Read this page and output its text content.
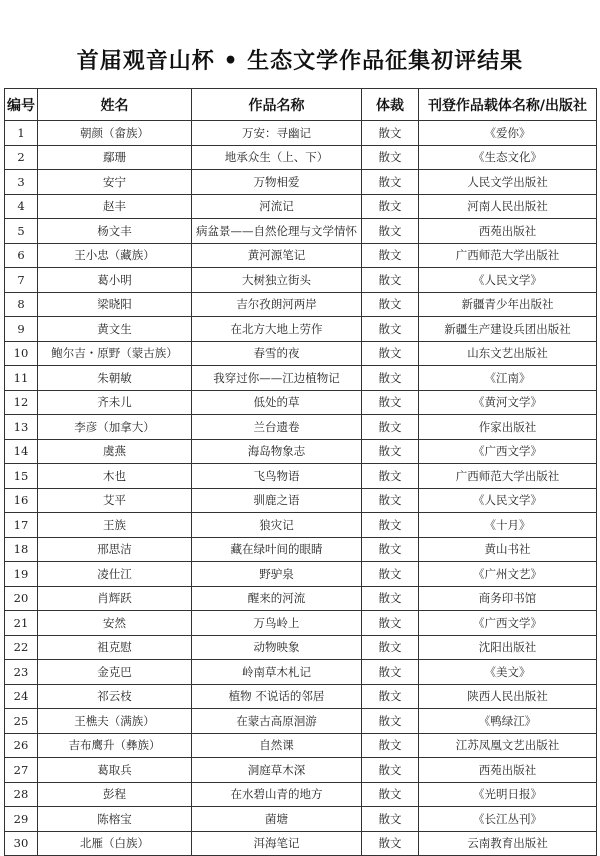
首届观音山杯 • 生态文学作品征集初评结果
编号	姓名	作品名称	体裁	刊登作品载体名称/出版社
1	朝颜（畲族）	万安：寻幽记	散文	《爱你》
2	鄢珊	地承众生（上、下）	散文	《生态文化》
3	安宁	万物相爱	散文	人民文学出版社
4	赵丰	河流记	散文	河南人民出版社
5	杨文丰	病盆景——自然伦理与文学情怀	散文	西苑出版社
6	王小忠（藏族）	黄河源笔记	散文	广西师范大学出版社
7	葛小明	大树独立街头	散文	《人民文学》
8	梁晓阳	吉尔孜朗河两岸	散文	新疆青少年出版社
9	黄文生	在北方大地上劳作	散文	新疆生产建设兵团出版社
10	鲍尔吉・原野（蒙古族）	春雪的夜	散文	山东文艺出版社
11	朱朝敏	我穿过你——江边植物记	散文	《江南》
12	齐未儿	低处的草	散文	《黄河文学》
13	李彦（加拿大）	兰台遗卷	散文	作家出版社
14	虞燕	海岛物象志	散文	《广西文学》
15	木也	飞鸟物语	散文	广西师范大学出版社
16	艾平	驯鹿之语	散文	《人民文学》
17	王族	狼灾记	散文	《十月》
18	邢思洁	藏在绿叶间的眼睛	散文	黄山书社
19	凌仕江	野驴泉	散文	《广州文艺》
20	肖辉跃	醒来的河流	散文	商务印书馆
21	安然	万鸟岭上	散文	《广西文学》
22	祖克慰	动物映象	散文	沈阳出版社
23	金克巴	岭南草木札记	散文	《美文》
24	祁云枝	植物 不说话的邻居	散文	陕西人民出版社
25	王樵夫（满族）	在蒙古高原洄游	散文	《鸭绿江》
26	吉布鹰升（彝族）	自然课	散文	江苏凤凰文艺出版社
27	葛取兵	洞庭草木深	散文	西苑出版社
28	彭程	在水碧山青的地方	散文	《光明日报》
29	陈榕宝	菌塘	散文	《长江丛刊》
30	北雁（白族）	洱海笔记	散文	云南教育出版社
